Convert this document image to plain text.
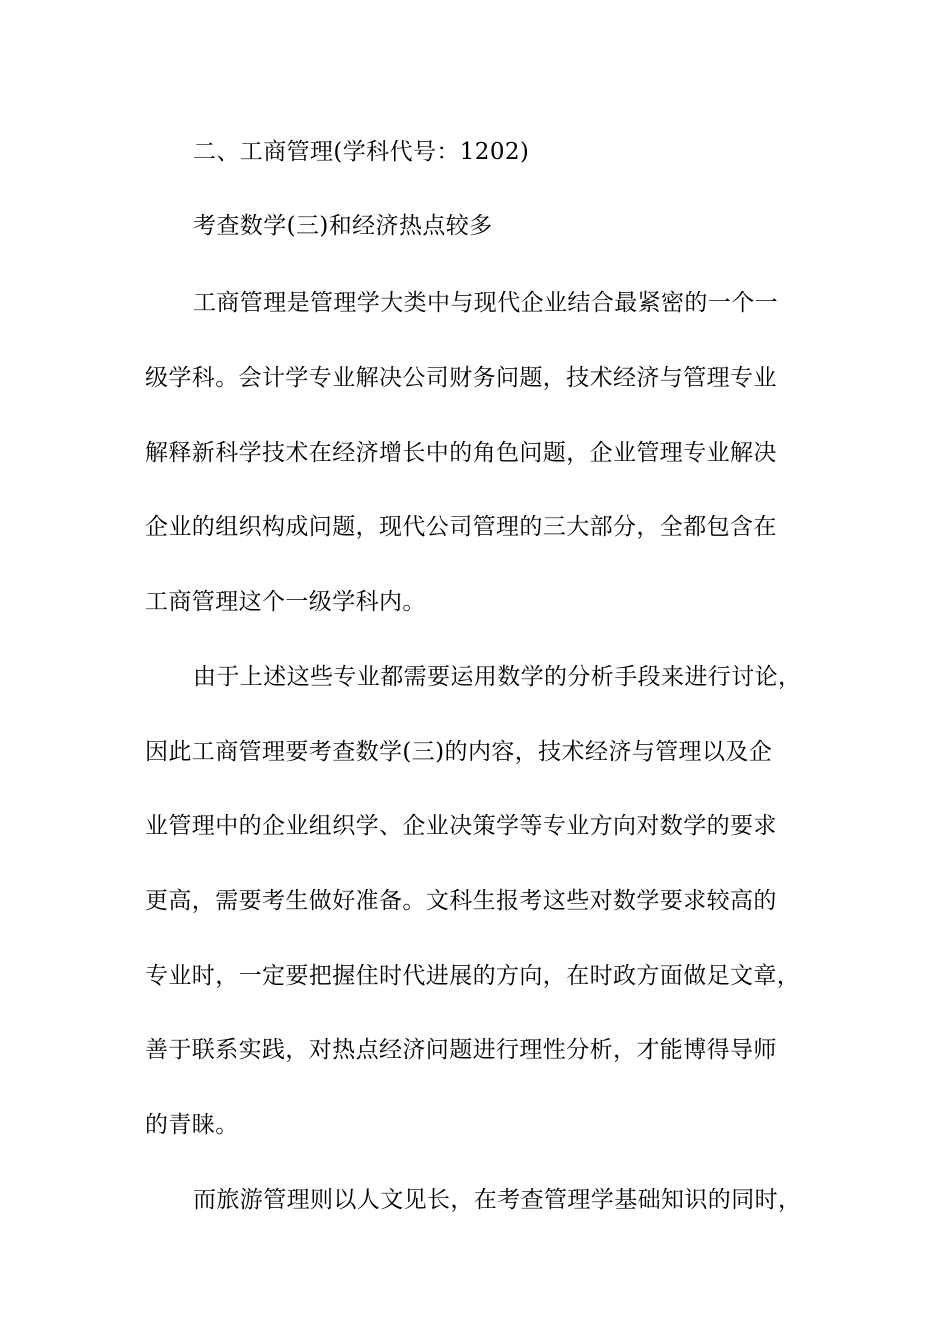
二、工商管理(学科代号：1202)
考查数学(三)和经济热点较多
工商管理是管理学大类中与现代企业结合最紧密的一个一
级学科。会计学专业解决公司财务问题，技术经济与管理专业
解释新科学技术在经济增长中的角色问题，企业管理专业解决
企业的组织构成问题，现代公司管理的三大部分，全都包含在
工商管理这个一级学科内。
由于上述这些专业都需要运用数学的分析手段来进行讨论，
因此工商管理要考查数学(三)的内容，技术经济与管理以及企
业管理中的企业组织学、企业决策学等专业方向对数学的要求
更高，需要考生做好准备。文科生报考这些对数学要求较高的
专业时，一定要把握住时代进展的方向，在时政方面做足文章，
善于联系实践，对热点经济问题进行理性分析，才能博得导师
的青睐。
而旅游管理则以人文见长，在考查管理学基础知识的同时，
